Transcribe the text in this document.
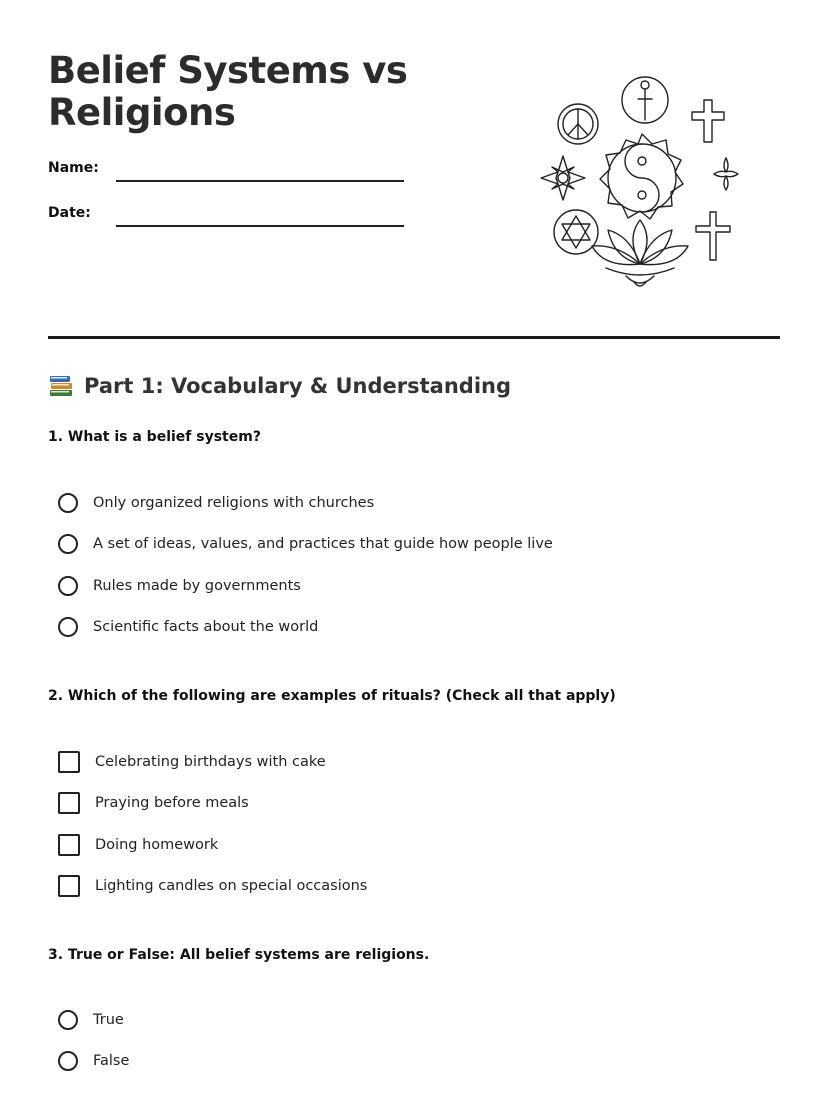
Belief Systems vs Religions
Name:
Date:
Part 1: Vocabulary & Understanding

1. What is a belief system?

Only organized religions with churches
A set of ideas, values, and practices that guide how people live
Rules made by governments
Scientific facts about the world

2. Which of the following are examples of rituals? (Check all that apply)

Celebrating birthdays with cake
Praying before meals
Doing homework
Lighting candles on special occasions

3. True or False: All belief systems are religions.

True
False
